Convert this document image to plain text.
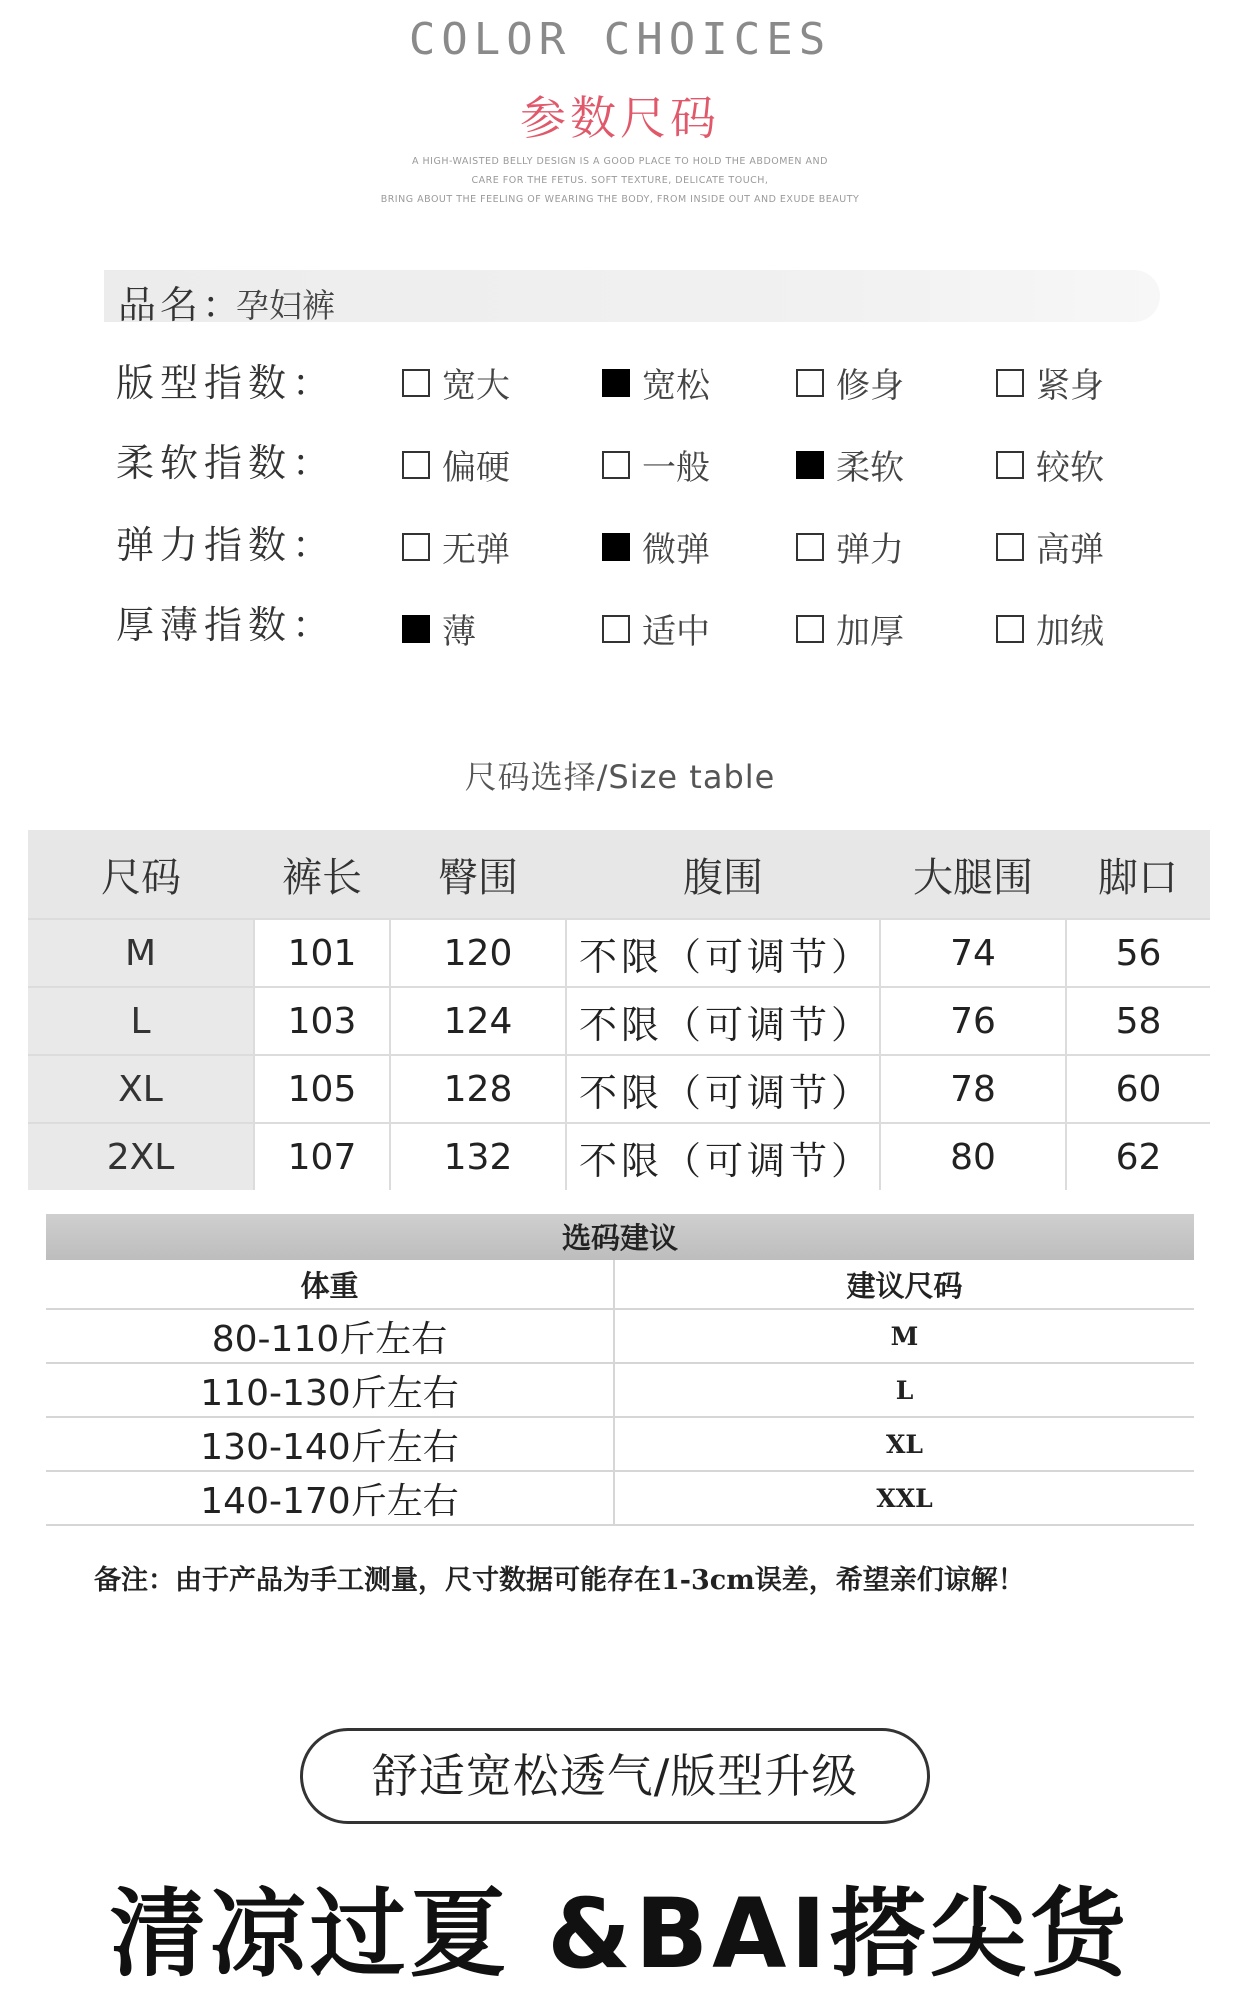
COLOR CHOICES
参数尺码
A HIGH-WAISTED BELLY DESIGN IS A GOOD PLACE TO HOLD THE ABDOMEN AND
CARE FOR THE FETUS. SOFT TEXTURE, DELICATE TOUCH,
BRING ABOUT THE FEELING OF WEARING THE BODY, FROM INSIDE OUT AND EXUDE BEAUTY
品名：
孕妇裤
版型指数：	宽大	宽松	修身	紧身
柔软指数：	偏硬	一般	柔软	较软
弹力指数：	无弹	微弹	弹力	高弹
厚薄指数：	薄	适中	加厚	加绒
尺码选择/Size table
尺码	裤长	臀围	腹围	大腿围	脚口
M	101	120	不限（可调节）	74	56
L	103	124	不限（可调节）	76	58
XL	105	128	不限（可调节）	78	60
2XL	107	132	不限（可调节）	80	62
选码建议
体重	建议尺码
80-110斤左右	M
110-130斤左右	L
130-140斤左右	XL
140-170斤左右	XXL
备注：由于产品为手工测量，尺寸数据可能存在1-3cm误差，希望亲们谅解！
舒适宽松透气/版型升级
清凉过夏 &BAI搭尖货
